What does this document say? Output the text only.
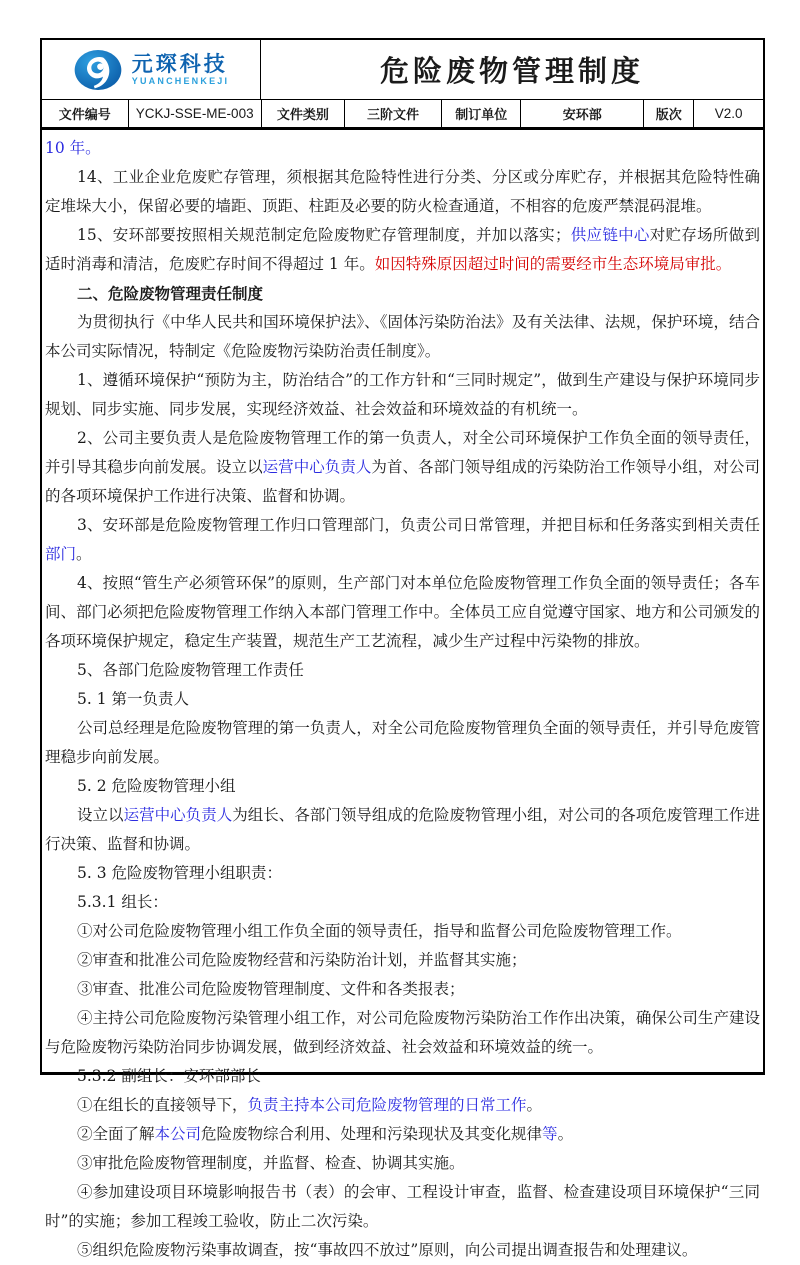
元琛科技
YUANCHENKEJI	危险废物管理制度
文件编号	YCKJ-SSE-ME-003	文件类别	三阶文件	制订单位	安环部	版次	V2.0

10 年。

14、工业企业危废贮存管理，须根据其危险特性进行分类、分区或分库贮存，并根据其危险特性确定堆垛大小，保留必要的墙距、顶距、柱距及必要的防火检查通道，不相容的危废严禁混码混堆。

15、安环部要按照相关规范制定危险废物贮存管理制度，并加以落实；供应链中心对贮存场所做到适时消毒和清洁，危废贮存时间不得超过 1 年。如因特殊原因超过时间的需要经市生态环境局审批。

二、危险废物管理责任制度

为贯彻执行《中华人民共和国环境保护法》、《固体污染防治法》及有关法律、法规，保护环境，结合本公司实际情况，特制定《危险废物污染防治责任制度》。

1、遵循环境保护“预防为主，防治结合”的工作方针和“三同时规定”，做到生产建设与保护环境同步规划、同步实施、同步发展，实现经济效益、社会效益和环境效益的有机统一。

2、公司主要负责人是危险废物管理工作的第一负责人，对全公司环境保护工作负全面的领导责任，并引导其稳步向前发展。设立以运营中心负责人为首、各部门领导组成的污染防治工作领导小组，对公司的各项环境保护工作进行决策、监督和协调。

3、安环部是危险废物管理工作归口管理部门，负责公司日常管理，并把目标和任务落实到相关责任部门。

4、按照“管生产必须管环保”的原则，生产部门对本单位危险废物管理工作负全面的领导责任；各车间、部门必须把危险废物管理工作纳入本部门管理工作中。全体员工应自觉遵守国家、地方和公司颁发的各项环境保护规定，稳定生产装置，规范生产工艺流程，减少生产过程中污染物的排放。

5、各部门危险废物管理工作责任

5. 1 第一负责人

公司总经理是危险废物管理的第一负责人，对全公司危险废物管理负全面的领导责任，并引导危废管理稳步向前发展。

5. 2 危险废物管理小组

设立以运营中心负责人为组长、各部门领导组成的危险废物管理小组，对公司的各项危废管理工作进行决策、监督和协调。

5. 3 危险废物管理小组职责：

5.3.1 组长：

①对公司危险废物管理小组工作负全面的领导责任，指导和监督公司危险废物管理工作。

②审查和批准公司危险废物经营和污染防治计划，并监督其实施；

③审查、批准公司危险废物管理制度、文件和各类报表；

④主持公司危险废物污染管理小组工作，对公司危险废物污染防治工作作出决策，确保公司生产建设与危险废物污染防治同步协调发展，做到经济效益、社会效益和环境效益的统一。

5.3.2 副组长：安环部部长

①在组长的直接领导下，负责主持本公司危险废物管理的日常工作。

②全面了解本公司危险废物综合利用、处理和污染现状及其变化规律等。

③审批危险废物管理制度，并监督、检查、协调其实施。

④参加建设项目环境影响报告书（表）的会审、工程设计审查，监督、检查建设项目环境保护“三同时”的实施；参加工程竣工验收，防止二次污染。

⑤组织危险废物污染事故调查，按“事故四不放过”原则，向公司提出调查报告和处理建议。
